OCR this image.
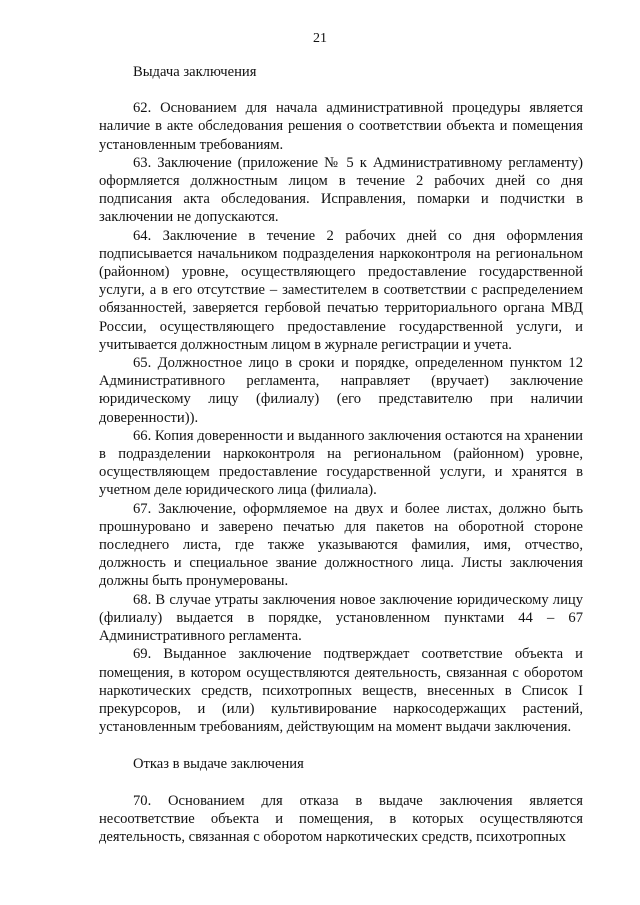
21

Выдача заключения

62. Основанием для начала административной процедуры является наличие в акте обследования решения о соответствии объекта и помещения установленным требованиям.

63. Заключение (приложение № 5 к Административному регламенту) оформляется должностным лицом в течение 2 рабочих дней со дня подписания акта обследования. Исправления, помарки и подчистки в заключении не допускаются.

64. Заключение в течение 2 рабочих дней со дня оформления подписывается начальником подразделения наркоконтроля на региональном (районном) уровне, осуществляющего предоставление государственной услуги, а в его отсутствие – заместителем в соответствии с распределением обязанностей, заверяется гербовой печатью территориального органа МВД России, осуществляющего предоставление государственной услуги, и учитывается должностным лицом в журнале регистрации и учета.

65. Должностное лицо в сроки и порядке, определенном пунктом 12 Административного регламента, направляет (вручает) заключение юридическому лицу (филиалу) (его представителю при наличии доверенности)).

66. Копия доверенности и выданного заключения остаются на хранении в подразделении наркоконтроля на региональном (районном) уровне, осуществляющем предоставление государственной услуги, и хранятся в учетном деле юридического лица (филиала).

67. Заключение, оформляемое на двух и более листах, должно быть прошнуровано и заверено печатью для пакетов на оборотной стороне последнего листа, где также указываются фамилия, имя, отчество, должность и специальное звание должностного лица. Листы заключения должны быть пронумерованы.

68. В случае утраты заключения новое заключение юридическому лицу (филиалу) выдается в порядке, установленном пунктами 44 – 67 Административного регламента.

69. Выданное заключение подтверждает соответствие объекта и помещения, в котором осуществляются деятельность, связанная с оборотом наркотических средств, психотропных веществ, внесенных в Список I прекурсоров, и (или) культивирование наркосодержащих растений, установленным требованиям, действующим на момент выдачи заключения.

Отказ в выдаче заключения

70. Основанием для отказа в выдаче заключения является несоответствие объекта и помещения, в которых осуществляются деятельность, связанная с оборотом наркотических средств, психотропных
